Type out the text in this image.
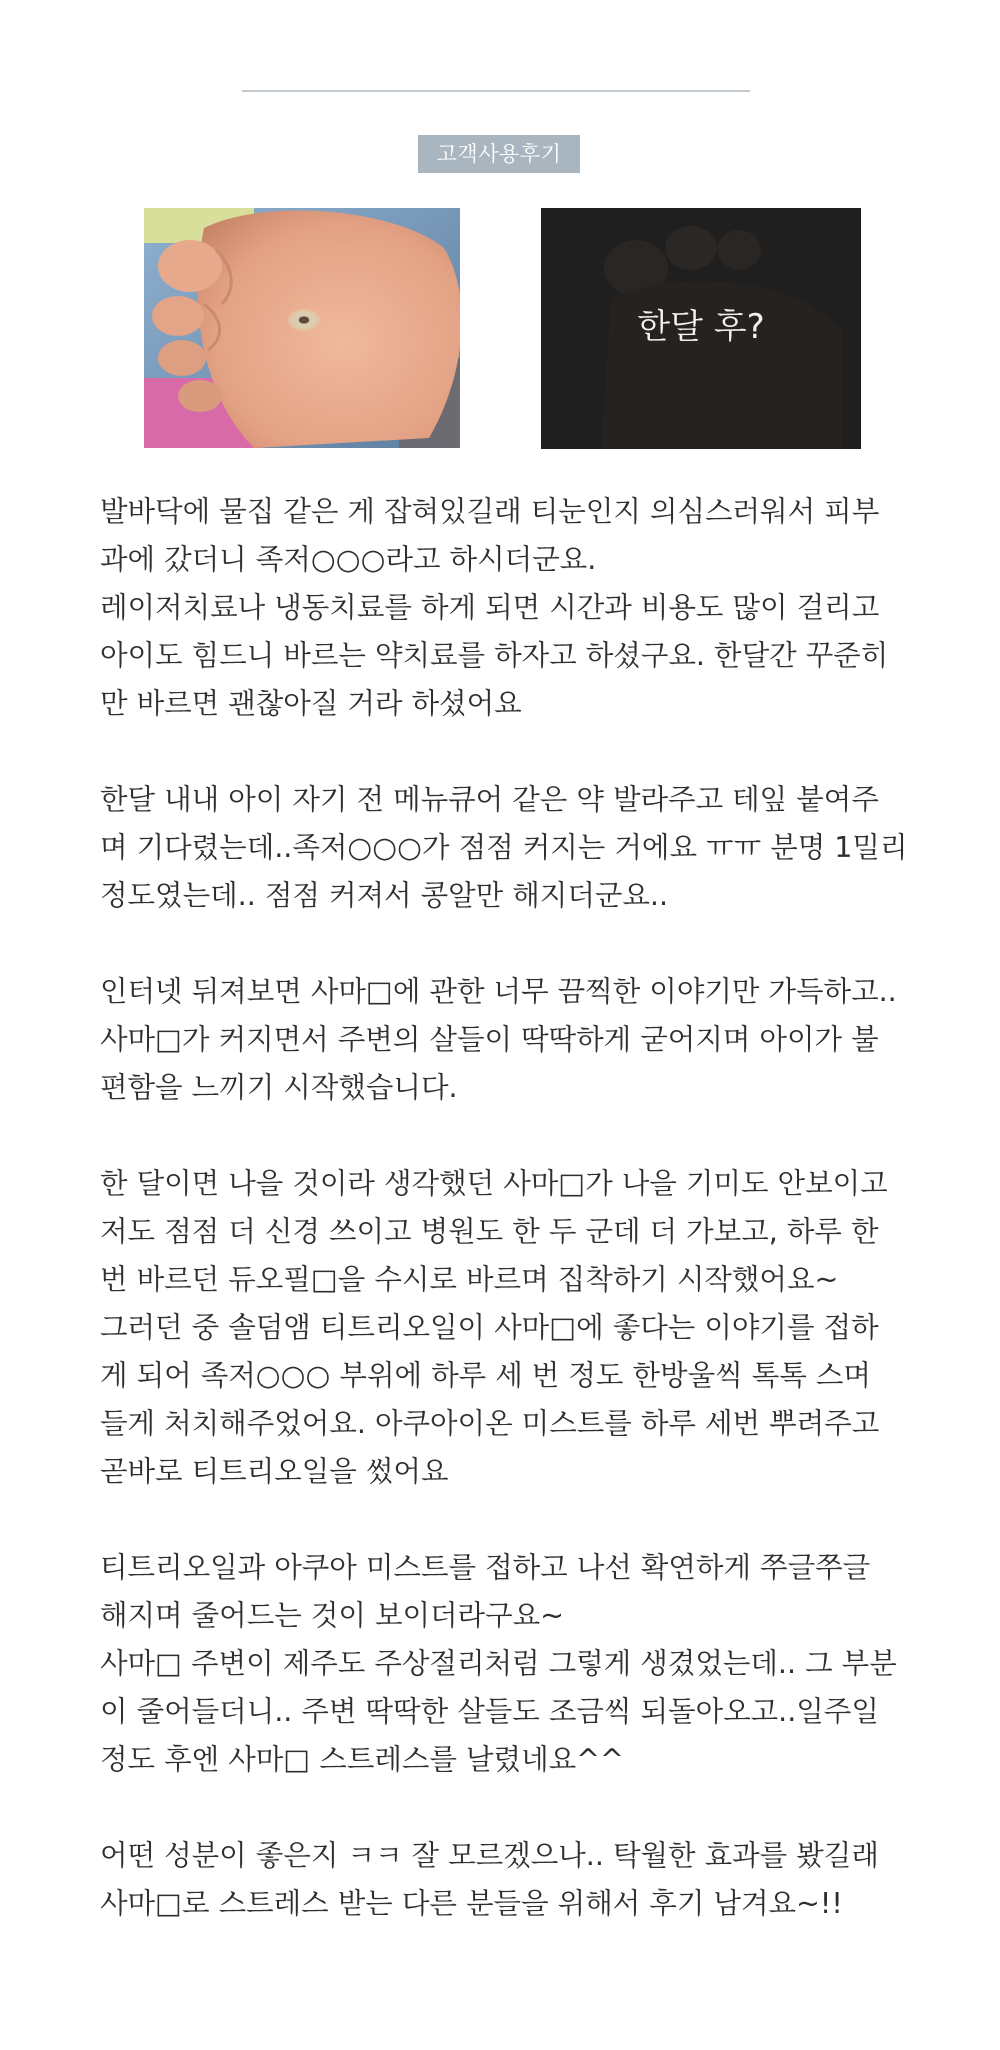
고객사용후기
한달 후?
발바닥에 물집 같은 게 잡혀있길래 티눈인지 의심스러워서 피부
과에 갔더니 족저○○○라고 하시더군요.
레이저치료나 냉동치료를 하게 되면 시간과 비용도 많이 걸리고
아이도 힘드니 바르는 약치료를 하자고 하셨구요. 한달간 꾸준히
만 바르면 괜찮아질 거라 하셨어요
한달 내내 아이 자기 전 메뉴큐어 같은 약 발라주고 테잎 붙여주
며 기다렸는데..족저○○○가 점점 커지는 거에요 ㅠㅠ 분명 1밀리
정도였는데.. 점점 커져서 콩알만 해지더군요..
인터넷 뒤져보면 사마□에 관한 너무 끔찍한 이야기만 가득하고..
사마□가 커지면서 주변의 살들이 딱딱하게 굳어지며 아이가 불
편함을 느끼기 시작했습니다.
한 달이면 나을 것이라 생각했던 사마□가 나을 기미도 안보이고
저도 점점 더 신경 쓰이고 병원도 한 두 군데 더 가보고, 하루 한
번 바르던 듀오필□을 수시로 바르며 집착하기 시작했어요~
그러던 중 솔덤앰 티트리오일이 사마□에 좋다는 이야기를 접하
게 되어 족저○○○ 부위에 하루 세 번 정도 한방울씩 톡톡 스며
들게 처치해주었어요. 아쿠아이온 미스트를 하루 세번 뿌려주고
곧바로 티트리오일을 썼어요
티트리오일과 아쿠아 미스트를 접하고 나선 확연하게 쭈글쭈글
해지며 줄어드는 것이 보이더라구요~
사마□ 주변이 제주도 주상절리처럼 그렇게 생겼었는데.. 그 부분
이 줄어들더니.. 주변 딱딱한 살들도 조금씩 되돌아오고..일주일
정도 후엔 사마□ 스트레스를 날렸네요^^
어떤 성분이 좋은지 ㅋㅋ 잘 모르겠으나.. 탁월한 효과를 봤길래
사마□로 스트레스 받는 다른 분들을 위해서 후기 남겨요~!!
